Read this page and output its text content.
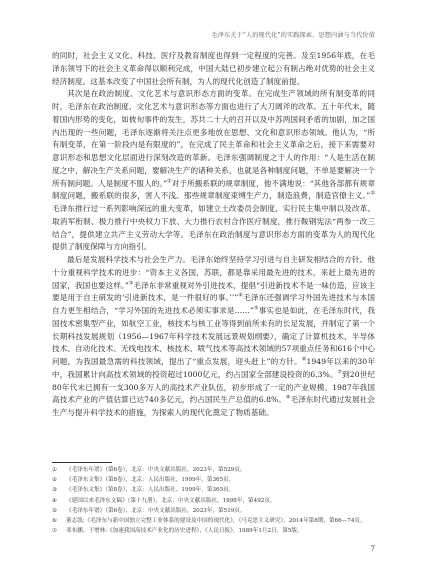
毛泽东关于“人的现代化”的实践探索、思想内涵与当代价值

的同时，社会主义文化、科技、医疗及教育制度也得到一定程度的完善。及至1956年底，在毛泽东领导下的社会主义革命得以顺利完成，中国大陆已初步建立起公有制占绝对优势的社会主义经济制度。这基本改变了中国社会所有制，为人的现代化创造了制度前提。

其次是在政治制度、文化艺术与意识形态方面的变革。在完成生产领域的所有制变革的同时，毛泽东在政治制度、文化艺术与意识形态等方面也进行了大刀阔斧的改革。五十年代末，随着国内形势的变化，如彼旬事件的发生，苏共二十大的召开以及中苏两国间矛盾的加剧，加之国内出现的一些问题，毛泽东逐渐将关注点更多地放在思想、文化和意识形态领域。他认为，“所有制变革，在第一阶段内是有限度的”，在完成了民主革命和社会主义革命之后，接下来需要对意识形态和思想文化层面进行深刻改造的革新。毛泽东强调制度之于人的作用：“人是生活在制度之中，解决生产关系问题，要解决生产的诸种关系，也就是各种制度问题，不单是要解决一个所有制问题。人是制度不服人的。”①对于所搬系联的规章制度，他不满地说：“其他各部都有规章制度问题，搬系联的很多，害人不浅。那些规章制度束缚生产力，制造浪费，制造官僚主义。”②毛泽东推行过一系列影响深远的重大变革，如建立土改委员会制度、实行民主集中制以及改革、取消军衔制、极力推行中央权力下放、大力推行农村合作医疗制度，推行鞍钢宪法“两参一改三结合”，提供建立共产主义劳动大学等。毛泽东在政治制度与意识形态方面的变革为人的现代化提供了制度保障与方向指引。

最后是发展科学技术与社会生产力。毛泽东始终坚持学习引进与自主研发相结合的方针。他十分重视科学技术的进步：“资本主义各国，苏联，都是靠采用最先进的技术，来赶上最先进的国家，我国也要这样。”③毛泽东非常重视对外引进技术，提倡“引进新技术不是一味仿造，应该主要是用于自主研发的‘引进新技术，是一件很好的事。’’”④毛泽东还强调学习外国先进技术与本国自力更生相结合，“学习外国的先进技术必须实事求是……”⑤事实也是如此，在毛泽东时代，我国技术密集型产业，如航空工业，核技术与核工业等得到前所未有的长足发展，并制定了第一个长期科技发展规划（1956—1967年科学技术发展远景规划纲要），确定了计算机技术、半导体技术、自动化技术、无线电技术、核技术、喷气技术等高技术领域的57项重点任务和616个中心问题，为我国最急需的科技领域，提出了“重点发展，迎头赶上”的方针。⑥1949年以来的30年中，我国累计向高技术领域的投资超过1000亿元，约占国家全部建设投资的6.3%。⑦到20世纪80年代末已拥有一支300多万人的高技术产业队伍，初步形成了一定的产业规模。1987年我国高技术产业的产值估算已达740多亿元，约占国民生产总值的6.8%。⑧毛泽东时代通过发展社会生产与提升科学技术的措施，为探索人的现代化奠定了物质基础。

①	《毛泽东年谱》（第6卷），北京：中央文献出版社，2023年，第529页。
②	《毛泽东文集》（第8卷），北京：人民出版社，1999年，第365页。
③	《毛泽东文集》（第8卷），北京：人民出版社，1999年，第365页。
④	《建国以来毛泽东文稿》（第十九册），北京：中央文献出版社，1998年，第492页。
⑤	《毛泽东年谱》（第6卷），北京：中央文献出版社，2023年，第519页。
⑥	董志凯:《毛泽东与新中国独立完整工业体系的建设及中国的现代化》，《马克思主义研究》，2014年第8期，第66—74页。
⑦	邓布鹏、于增林:《加速我国高技术产业化的历史进程》，《人民日报》，1989年1月2日，第5版。
7
